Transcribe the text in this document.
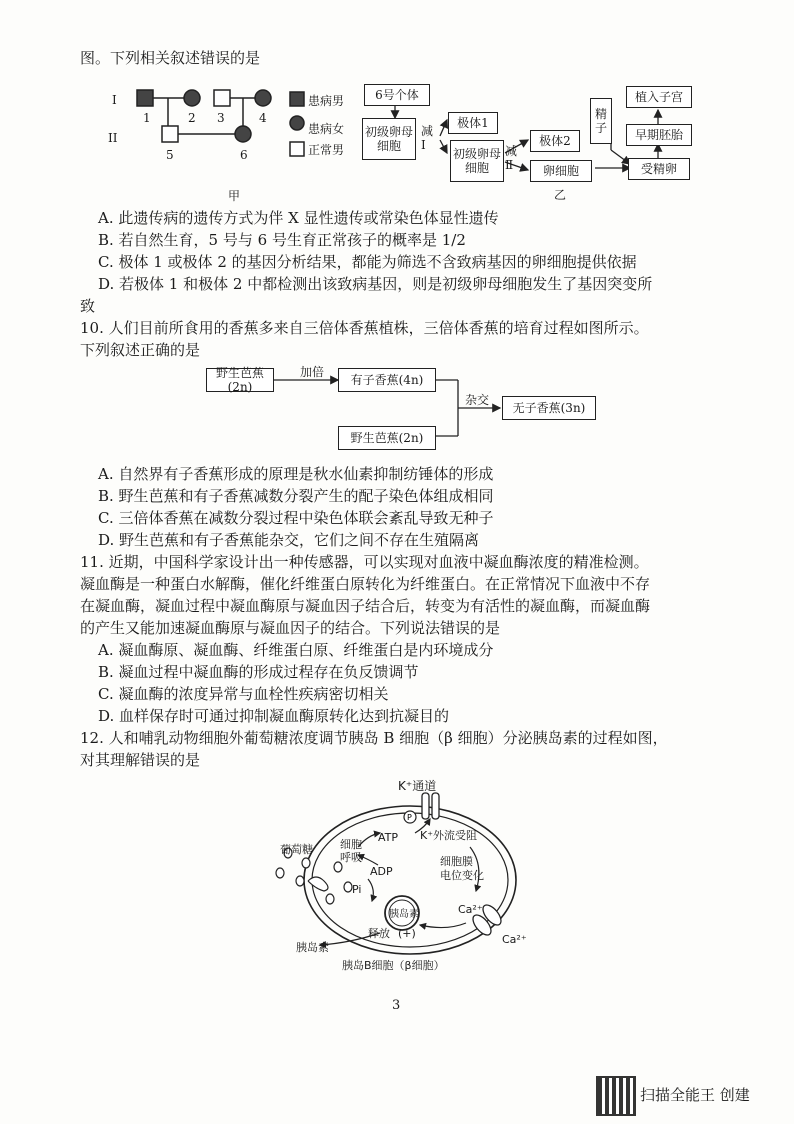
图。下列相关叙述错误的是
I
II
1	2 3	4
5	6
患病男
患病女
正常男
甲
6号个体
初级卵母细胞
减Ⅰ
极体1
初级卵母细胞
减Ⅱ
极体2
卵细胞
乙
精子
受精卵
早期胚胎
植入子宫
A. 此遗传病的遗传方式为伴 X 显性遗传或常染色体显性遗传
B. 若自然生育，5 号与 6 号生育正常孩子的概率是 1/2
C. 极体 1 或极体 2 的基因分析结果，都能为筛选不含致病基因的卵细胞提供依据
D. 若极体 1 和极体 2 中都检测出该致病基因，则是初级卵母细胞发生了基因突变所
致
10. 人们目前所食用的香蕉多来自三倍体香蕉植株，三倍体香蕉的培育过程如图所示。
下列叙述正确的是
野生芭蕉(2n)
加倍
有子香蕉(4n)
野生芭蕉(2n)
杂交
无子香蕉(3n)
A. 自然界有子香蕉形成的原理是秋水仙素抑制纺锤体的形成
B. 野生芭蕉和有子香蕉减数分裂产生的配子染色体组成相同
C. 三倍体香蕉在减数分裂过程中染色体联会紊乱导致无种子
D. 野生芭蕉和有子香蕉能杂交，它们之间不存在生殖隔离
11. 近期，中国科学家设计出一种传感器，可以实现对血液中凝血酶浓度的精准检测。
凝血酶是一种蛋白水解酶，催化纤维蛋白原转化为纤维蛋白。在正常情况下血液中不存
在凝血酶，凝血过程中凝血酶原与凝血因子结合后，转变为有活性的凝血酶，而凝血酶
的产生又能加速凝血酶原与凝血因子的结合。下列说法错误的是
A. 凝血酶原、凝血酶、纤维蛋白原、纤维蛋白是内环境成分
B. 凝血过程中凝血酶的形成过程存在负反馈调节
C. 凝血酶的浓度异常与血栓性疾病密切相关
D. 血样保存时可通过抑制凝血酶原转化达到抗凝目的
12. 人和哺乳动物细胞外葡萄糖浓度调节胰岛 B 细胞（β 细胞）分泌胰岛素的过程如图，
对其理解错误的是
P
K⁺通道
K⁺外流受阻
葡萄糖 细胞呼吸
ATP
ADP
Pi
细胞膜
电位变化
胰岛素	Ca²⁺
Ca²⁺
释放 (+)
胰岛素
胰岛B细胞（β细胞）
3
扫描全能王 创建
